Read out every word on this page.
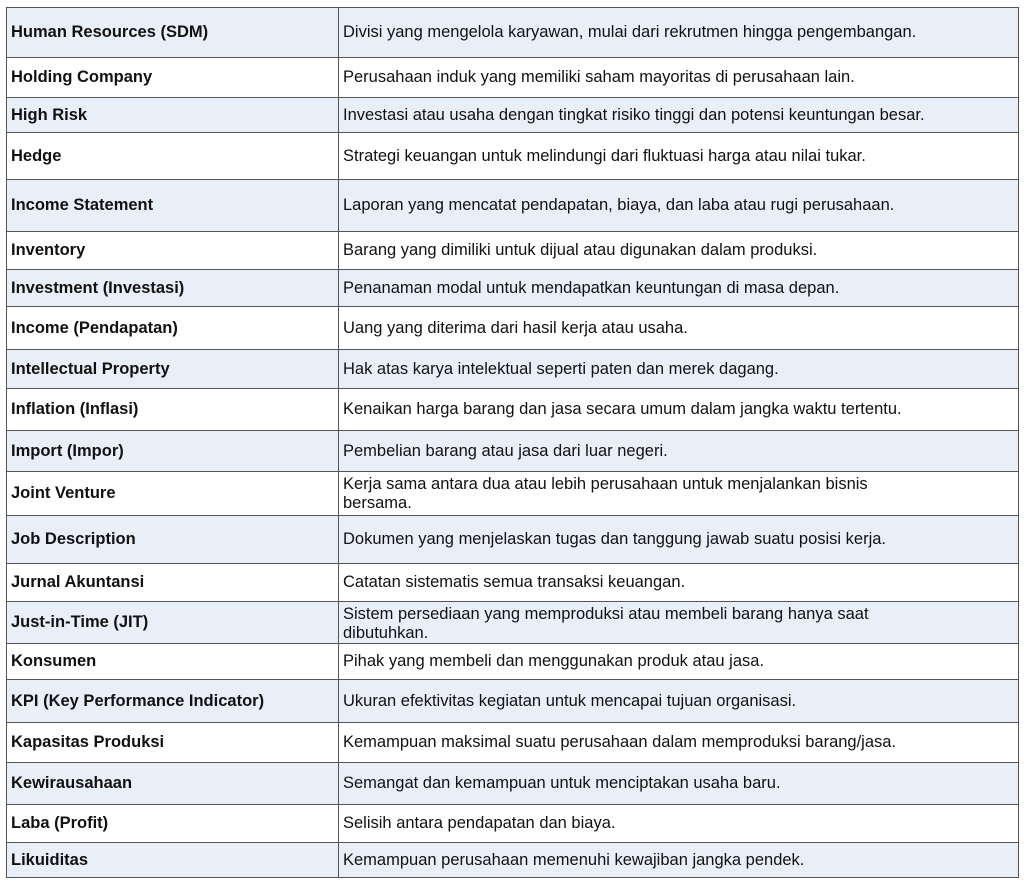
Human Resources (SDM)	Divisi yang mengelola karyawan, mulai dari rekrutmen hingga pengembangan.
Holding Company	Perusahaan induk yang memiliki saham mayoritas di perusahaan lain.
High Risk	Investasi atau usaha dengan tingkat risiko tinggi dan potensi keuntungan besar.
Hedge	Strategi keuangan untuk melindungi dari fluktuasi harga atau nilai tukar.
Income Statement	Laporan yang mencatat pendapatan, biaya, dan laba atau rugi perusahaan.
Inventory	Barang yang dimiliki untuk dijual atau digunakan dalam produksi.
Investment (Investasi)	Penanaman modal untuk mendapatkan keuntungan di masa depan.
Income (Pendapatan)	Uang yang diterima dari hasil kerja atau usaha.
Intellectual Property	Hak atas karya intelektual seperti paten dan merek dagang.
Inflation (Inflasi)	Kenaikan harga barang dan jasa secara umum dalam jangka waktu tertentu.
Import (Impor)	Pembelian barang atau jasa dari luar negeri.
Joint Venture	Kerja sama antara dua atau lebih perusahaan untuk menjalankan bisnis bersama.
Job Description	Dokumen yang menjelaskan tugas dan tanggung jawab suatu posisi kerja.
Jurnal Akuntansi	Catatan sistematis semua transaksi keuangan.
Just-in-Time (JIT)	Sistem persediaan yang memproduksi atau membeli barang hanya saat dibutuhkan.

Konsumen	Pihak yang membeli dan menggunakan produk atau jasa.
KPI (Key Performance Indicator)	Ukuran efektivitas kegiatan untuk mencapai tujuan organisasi.
Kapasitas Produksi	Kemampuan maksimal suatu perusahaan dalam memproduksi barang/jasa.
Kewirausahaan	Semangat dan kemampuan untuk menciptakan usaha baru.
Laba (Profit)	Selisih antara pendapatan dan biaya.
Likuiditas	Kemampuan perusahaan memenuhi kewajiban jangka pendek.
